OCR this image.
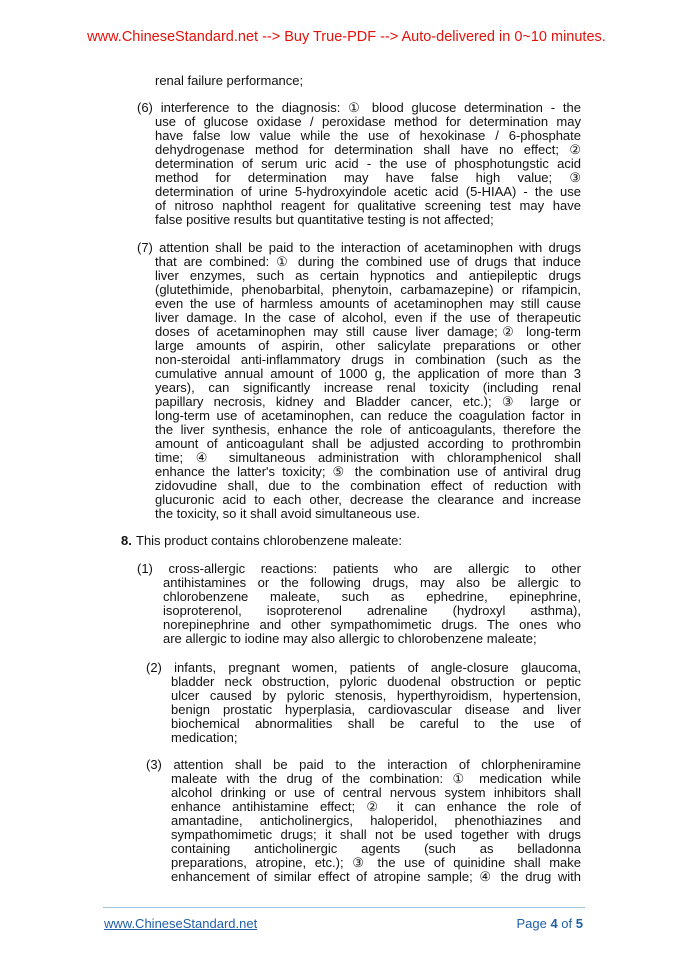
www.ChineseStandard.net --> Buy True-PDF --> Auto-delivered in 0~10 minutes.
renal failure performance;
(6) interference to the diagnosis: ① blood glucose determination - the
use of glucose oxidase / peroxidase method for determination may
have false low value while the use of hexokinase / 6-phosphate
dehydrogenase method for determination shall have no effect; ②
determination of serum uric acid - the use of phosphotungstic acid
method for determination may have false high value; ③
determination of urine 5-hydroxyindole acetic acid (5-HIAA) - the use
of nitroso naphthol reagent for qualitative screening test may have
false positive results but quantitative testing is not affected;
(7) attention shall be paid to the interaction of acetaminophen with drugs
that are combined: ① during the combined use of drugs that induce
liver enzymes, such as certain hypnotics and antiepileptic drugs
(glutethimide, phenobarbital, phenytoin, carbamazepine) or rifampicin,
even the use of harmless amounts of acetaminophen may still cause
liver damage. In the case of alcohol, even if the use of therapeutic
doses of acetaminophen may still cause liver damage;② long-term
large amounts of aspirin, other salicylate preparations or other
non-steroidal anti-inflammatory drugs in combination (such as the
cumulative annual amount of 1000 g, the application of more than 3
years), can significantly increase renal toxicity (including renal
papillary necrosis, kidney and Bladder cancer, etc.); ③ large or
long-term use of acetaminophen, can reduce the coagulation factor in
the liver synthesis, enhance the role of anticoagulants, therefore the
amount of anticoagulant shall be adjusted according to prothrombin
time; ④ simultaneous administration with chloramphenicol shall
enhance the latter's toxicity; ⑤ the combination use of antiviral drug
zidovudine shall, due to the combination effect of reduction with
glucuronic acid to each other, decrease the clearance and increase
the toxicity, so it shall avoid simultaneous use.
8. This product contains chlorobenzene maleate:
(1) cross-allergic reactions: patients who are allergic to other
antihistamines or the following drugs, may also be allergic to
chlorobenzene maleate, such as ephedrine, epinephrine,
isoproterenol, isoproterenol adrenaline (hydroxyl asthma),
norepinephrine and other sympathomimetic drugs. The ones who
are allergic to iodine may also allergic to chlorobenzene maleate;
(2) infants, pregnant women, patients of angle-closure glaucoma,
bladder neck obstruction, pyloric duodenal obstruction or peptic
ulcer caused by pyloric stenosis, hyperthyroidism, hypertension,
benign prostatic hyperplasia, cardiovascular disease and liver
biochemical abnormalities shall be careful to the use of
medication;
(3) attention shall be paid to the interaction of chlorpheniramine
maleate with the drug of the combination: ① medication while
alcohol drinking or use of central nervous system inhibitors shall
enhance antihistamine effect; ② it can enhance the role of
amantadine, anticholinergics, haloperidol, phenothiazines and
sympathomimetic drugs; it shall not be used together with drugs
containing anticholinergic agents (such as belladonna
preparations, atropine, etc.); ③ the use of quinidine shall make
enhancement of similar effect of atropine sample; ④ the drug with
www.ChineseStandard.net	Page 4 of 5
